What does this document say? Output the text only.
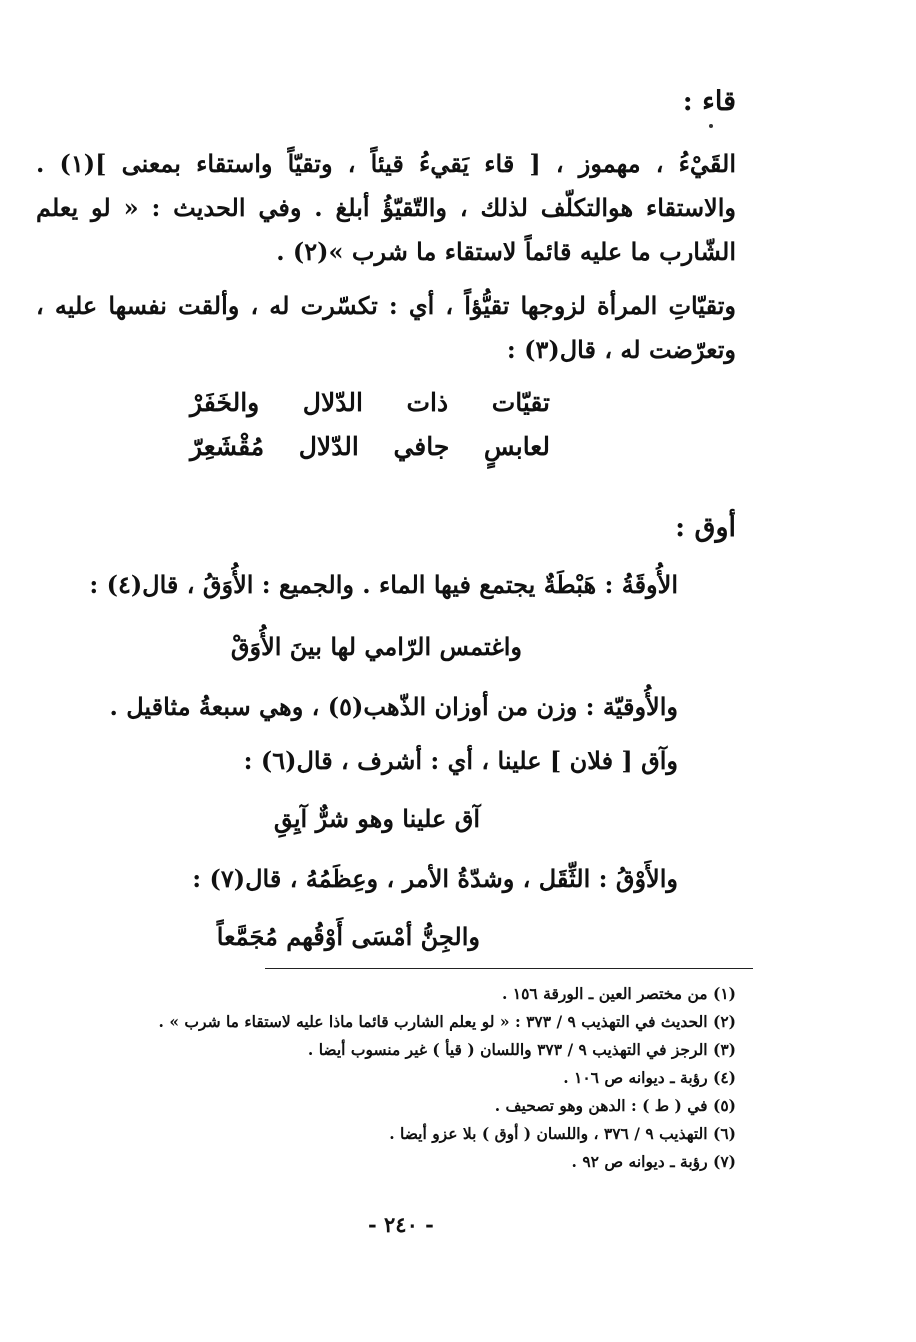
قاء :
القَيْءُ ، مهموز ، [ قاء يَقيءُ قيئاً ، وتقيّاً واستقاء بمعنى ](١) . والاستقاء هوالتكلّف لذلك ، والتّقيّؤُ أبلغ . وفي الحديث : « لو يعلم الشّارب ما عليه قائماً لاستقاء ما شرب »(٢) .
وتقيّاتِ المرأة لزوجها تقيُّؤاً ، أي : تكسّرت له ، وألقت نفسها عليه ، وتعرّضت له ، قال(٣) :
تقيّات
ذات
الدّلال
والخَفَرْ
لعابسٍ
جافي
الدّلال
مُقْشَعِرّ
أوق :
الأُوقَةُ : هَبْطَةٌ يجتمع فيها الماء . والجميع : الأُوَقُ ، قال(٤) :
واغتمس الرّامي لها بينَ الأُوَقْ
والأُوقيّة : وزن من أوزان الذّهب(٥) ، وهي سبعةُ مثاقيل .
وآق [ فلان ] علينا ، أي : أشرف ، قال(٦) :
آق علينا وهو شرٌّ آيِقِ
والأَوْقُ : الثِّقَل ، وشدّةُ الأمر ، وعِظَمُهُ ، قال(٧) :
والجِنُّ أمْسَى أَوْقُهم مُجَمَّعاً
(١) من مختصر العين ـ الورقة ١٥٦ .
(٢) الحديث في التهذيب ٩ / ٣٧٣ : « لو يعلم الشارب قائما ماذا عليه لاستقاء ما شرب » .
(٣) الرجز في التهذيب ٩ / ٣٧٣ واللسان ( قيأ ) غير منسوب أيضا .
(٤) رؤبة ـ ديوانه ص ١٠٦ .
(٥) في ( ط ) : الدهن وهو تصحيف .
(٦) التهذيب ٩ / ٣٧٦ ، واللسان ( أوق ) بلا عزو أيضا .
(٧) رؤبة ـ ديوانه ص ٩٢ .
- ٢٤٠ -
